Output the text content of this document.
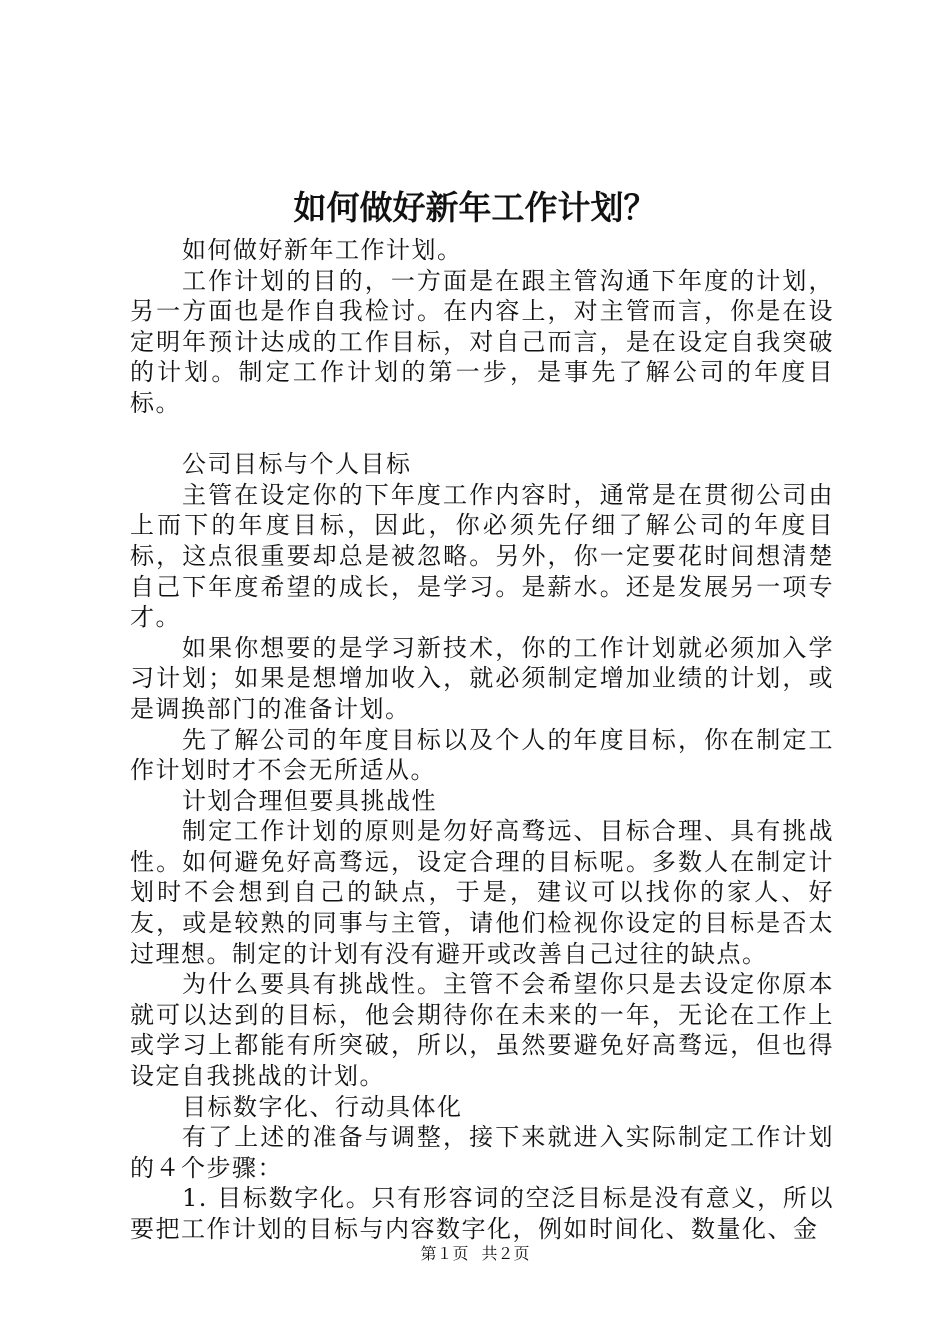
如何做好新年工作计划？

如何做好新年工作计划。

工作计划的目的，一方面是在跟主管沟通下年度的计划，另一方面也是作自我检讨。在内容上，对主管而言，你是在设定明年预计达成的工作目标，对自己而言，是在设定自我突破的计划。制定工作计划的第一步，是事先了解公司的年度目标。

公司目标与个人目标

主管在设定你的下年度工作内容时，通常是在贯彻公司由上而下的年度目标，因此，你必须先仔细了解公司的年度目标，这点很重要却总是被忽略。另外，你一定要花时间想清楚自己下年度希望的成长，是学习。是薪水。还是发展另一项专才。

如果你想要的是学习新技术，你的工作计划就必须加入学习计划；如果是想增加收入，就必须制定增加业绩的计划，或是调换部门的准备计划。

先了解公司的年度目标以及个人的年度目标，你在制定工作计划时才不会无所适从。

计划合理但要具挑战性

制定工作计划的原则是勿好高骛远、目标合理、具有挑战性。如何避免好高骛远，设定合理的目标呢。多数人在制定计划时不会想到自己的缺点，于是，建议可以找你的家人、好友，或是较熟的同事与主管，请他们检视你设定的目标是否太过理想。制定的计划有没有避开或改善自己过往的缺点。

为什么要具有挑战性。主管不会希望你只是去设定你原本就可以达到的目标，他会期待你在未来的一年，无论在工作上或学习上都能有所突破，所以，虽然要避免好高骛远，但也得设定自我挑战的计划。

目标数字化、行动具体化

有了上述的准备与调整，接下来就进入实际制定工作计划的４个步骤：

1. 目标数字化。只有形容词的空泛目标是没有意义，所以要把工作计划的目标与内容数字化，例如时间化、数量化、金

第１页 共２页
